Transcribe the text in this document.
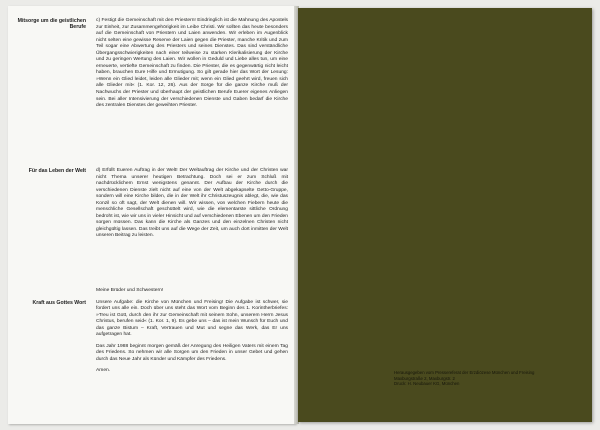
Mitsorge um die geistlichen Berufe

c) Festigt die Gemeinschaft mit den Priestern! Eindringlich ist die Mahnung des Apostels zur Einheit, zur Zusammengehörigkeit im Leibe Christi. Wir sollten das heute besonders auf die Gemeinschaft von Priestern und Laien anwenden. Wir erleben im Augenblick nicht selten eine gewisse Reserve der Laien gegen die Priester, manche Kritik und zum Teil sogar eine Abwertung des Priesters und seines Dienstes. Das sind verständliche Übergangsschwierigkeiten nach einer teilweise zu starken Klerikalisierung der Kirche und zu geringen Wertung des Laien. Wir wollen in Geduld und Liebe alles tun, um eine erneuerte, vertiefte Gemeinschaft zu finden. Die Priester, die es gegenwärtig nicht leicht haben, brauchen Eure Hilfe und Ermutigung. So gilt gerade hier das Wort der Lesung: »Wenn ein Glied leidet, leiden alle Glieder mit; wenn ein Glied geehrt wird, freuen sich alle Glieder mit« (1. Kor. 12, 26). Aus der Sorge für die ganze Kirche muß der Nachwuchs der Priester und überhaupt der geistlichen Berufe Euerer eigenes Anliegen sein. Bei aller Intensivierung der verschiedenen Dienste und Gaben bedarf die Kirche des zentralen Dienstes der geweihten Priester.

Für das Leben der Welt d) Erfüllt Eueren Auftrag in der Welt! Der Weltauftrag der Kirche und der Christen war nicht Thema unserer heutigen Betrachtung. Doch sei er zum Schluß mit nachdrücklichem Ernst wenigstens genannt. Der Aufbau der Kirche durch die verschiedenen Dienste zielt nicht auf eine von der Welt abgekapselte Getto-Gruppe, sondern will eine Kirche bilden, die in der Welt ihr Christuszeugnis ablegt, die, wie das Konzil so oft sagt, der Welt dienen will. Wir wissen, von welchen Fiebern heute die menschliche Gesellschaft geschüttelt wird, wie die elementarste sittliche Ordnung bedroht ist, wie wir uns in vieler Hinsicht und auf verschiedenen Ebenen um den Frieden sorgen müssen. Das kann die Kirche als Ganzes und den einzelnen Christen nicht gleichgültig lassen. Das treibt uns auf die Wege der Zeit, um auch dort inmitten der Welt unseren Beitrag zu leisten.

Kraft aus Gottes Wort

Meine Brüder und Schwestern!

Unsere Aufgabe: die Kirche von München und Freising! Die Aufgabe ist schwer, sie fordert uns alle ein. Doch über uns steht das Wort vom Beginn des 1. Korintherbriefes: »Treu ist Gott, durch den ihr zur Gemeinschaft mit seinem Sohn, unserem Herrn Jesus Christus, berufen seid« (1. Kor. 1, 9). Es gebe uns – das ist mein Wunsch für Euch und das ganze Bistum – Kraft, Vertrauen und Mut und segne das Werk, das Er uns aufgetragen hat.

Das Jahr 1988 beginnt morgen gemäß der Anregung des Heiligen Vaters mit einem Tag des Friedens. So nehmen wir alle Sorgen um den Frieden in unser Gebet und gehen durch das Neue Jahr als Künder und Kämpfer des Friedens.

Amen.	Herausgegeben vom Pressereferat der Erzdiözese München und Freising
Maxburgstraße 2, Maxburgstr. 2
Druck: H. Neubauer KG, München
